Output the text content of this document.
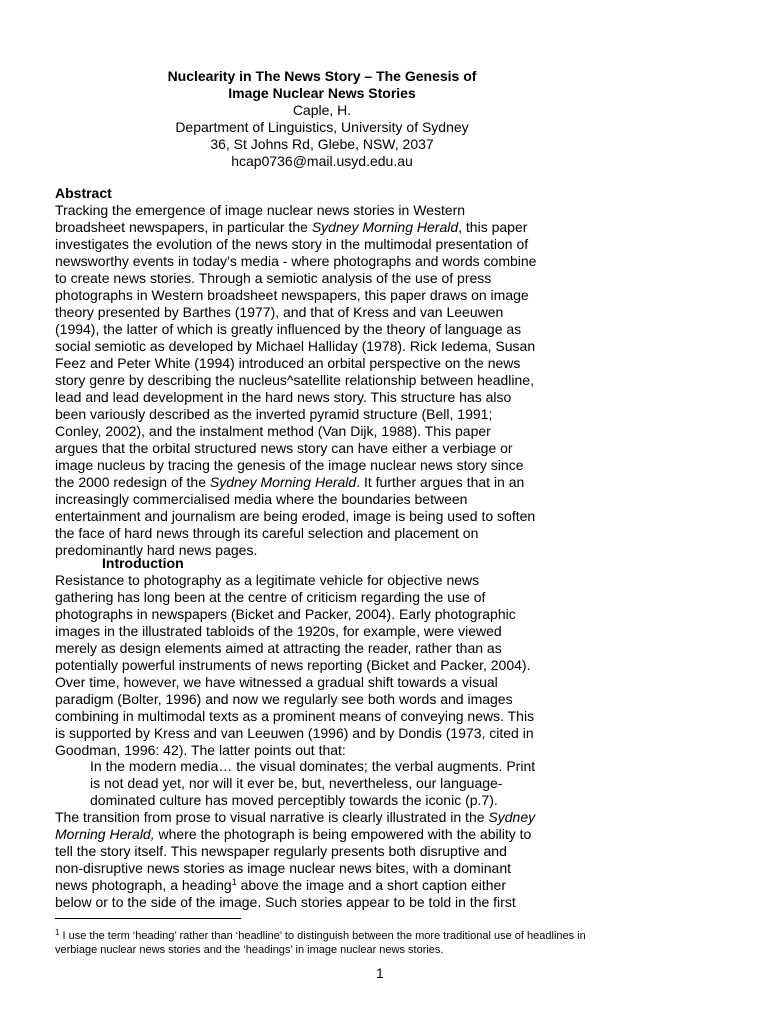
Nuclearity in The News Story – The Genesis of
Image Nuclear News Stories
Caple, H.
Department of Linguistics, University of Sydney
36, St Johns Rd, Glebe, NSW, 2037
hcap0736@mail.usyd.edu.au
Abstract
Tracking the emergence of image nuclear news stories in Western
broadsheet newspapers, in particular the Sydney Morning Herald, this paper
investigates the evolution of the news story in the multimodal presentation of
newsworthy events in today’s media - where photographs and words combine
to create news stories. Through a semiotic analysis of the use of press
photographs in Western broadsheet newspapers, this paper draws on image
theory presented by Barthes (1977), and that of Kress and van Leeuwen
(1994), the latter of which is greatly influenced by the theory of language as
social semiotic as developed by Michael Halliday (1978). Rick Iedema, Susan
Feez and Peter White (1994) introduced an orbital perspective on the news
story genre by describing the nucleus^satellite relationship between headline,
lead and lead development in the hard news story. This structure has also
been variously described as the inverted pyramid structure (Bell, 1991;
Conley, 2002), and the instalment method (Van Dijk, 1988). This paper
argues that the orbital structured news story can have either a verbiage or
image nucleus by tracing the genesis of the image nuclear news story since
the 2000 redesign of the Sydney Morning Herald. It further argues that in an
increasingly commercialised media where the boundaries between
entertainment and journalism are being eroded, image is being used to soften
the face of hard news through its careful selection and placement on
predominantly hard news pages.
Introduction
Resistance to photography as a legitimate vehicle for objective news
gathering has long been at the centre of criticism regarding the use of
photographs in newspapers (Bicket and Packer, 2004). Early photographic
images in the illustrated tabloids of the 1920s, for example, were viewed
merely as design elements aimed at attracting the reader, rather than as
potentially powerful instruments of news reporting (Bicket and Packer, 2004).
Over time, however, we have witnessed a gradual shift towards a visual
paradigm (Bolter, 1996) and now we regularly see both words and images
combining in multimodal texts as a prominent means of conveying news. This
is supported by Kress and van Leeuwen (1996) and by Dondis (1973, cited in
Goodman, 1996: 42). The latter points out that:
In the modern media… the visual dominates; the verbal augments. Print
is not dead yet, nor will it ever be, but, nevertheless, our language-
dominated culture has moved perceptibly towards the iconic (p.7).
The transition from prose to visual narrative is clearly illustrated in the Sydney
Morning Herald, where the photograph is being empowered with the ability to
tell the story itself. This newspaper regularly presents both disruptive and
non-disruptive news stories as image nuclear news bites, with a dominant
news photograph, a heading$^1$ above the image and a short caption either
below or to the side of the image. Such stories appear to be told in the first
$^1$ I use the term ‘heading’ rather than ‘headline’ to distinguish between the more traditional use of headlines in
verbiage nuclear news stories and the ‘headings’ in image nuclear news stories.
1
